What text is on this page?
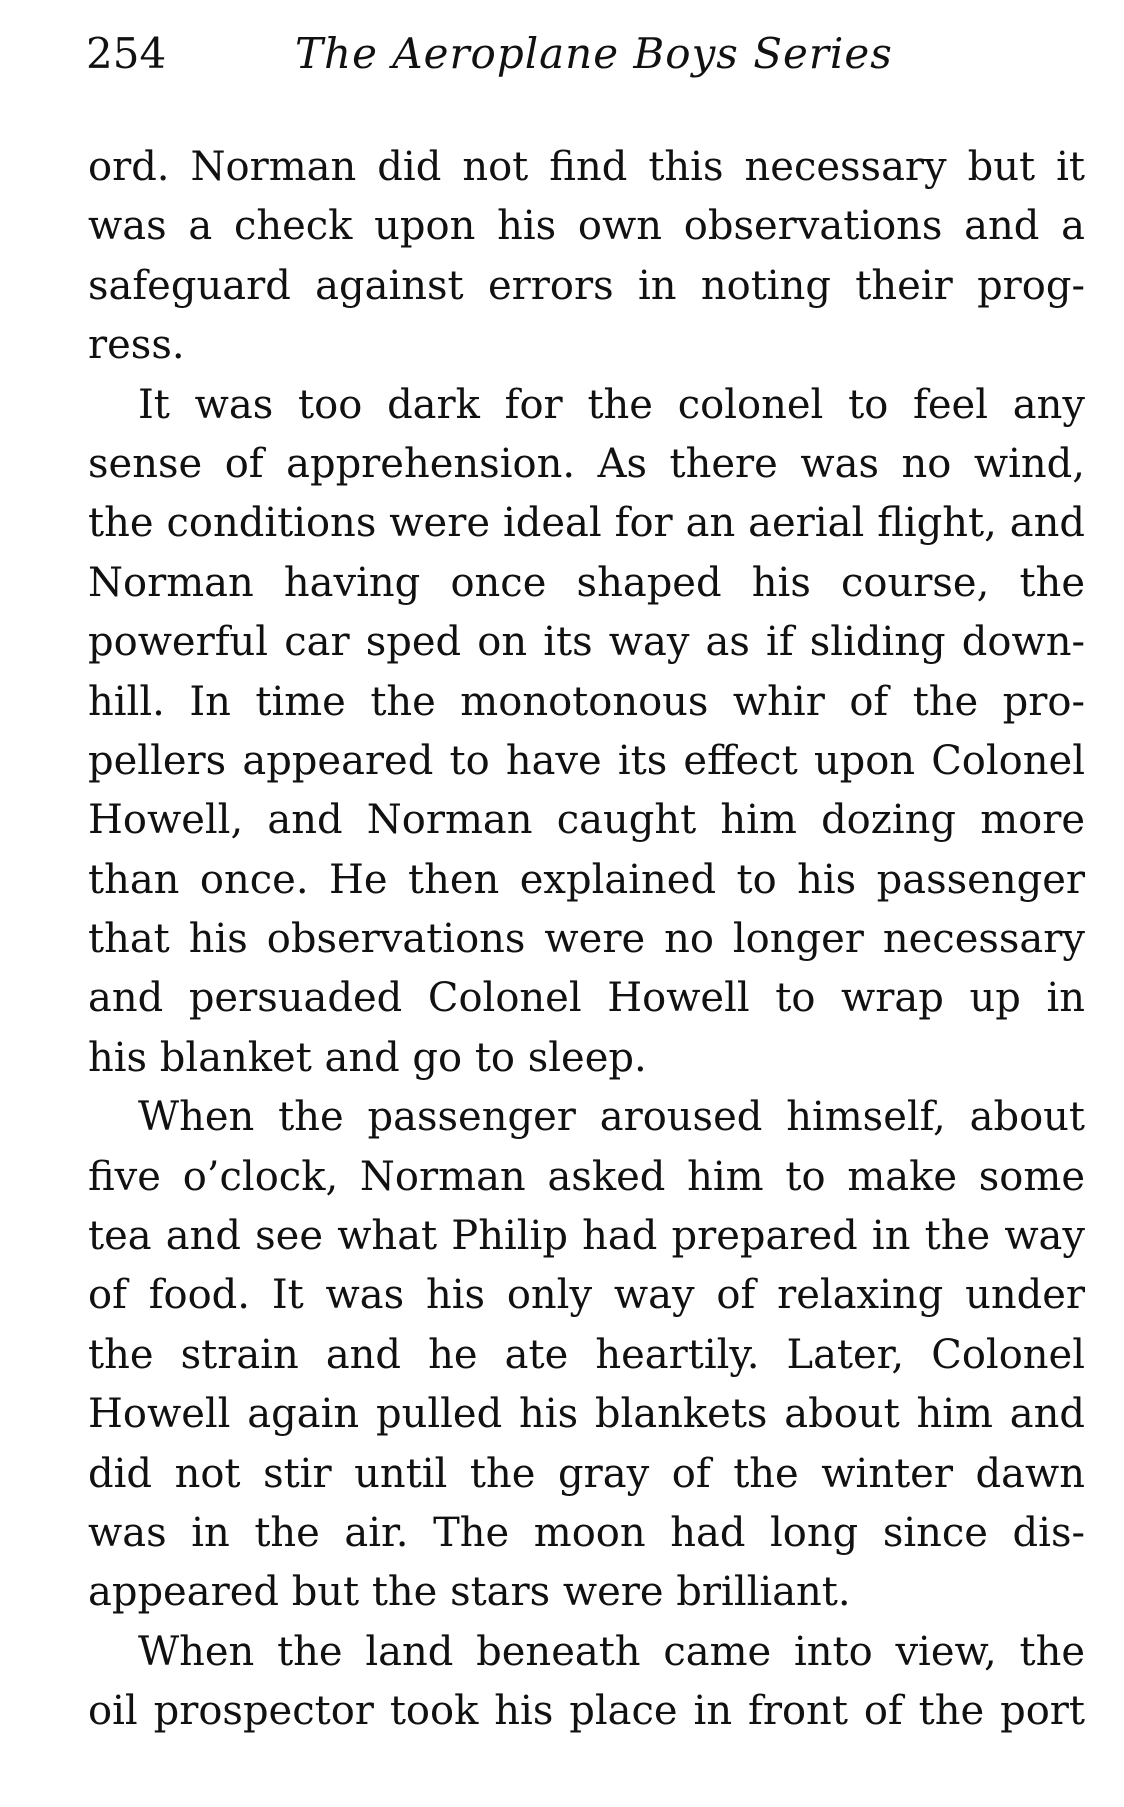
254	The Aeroplane Boys Series
ord. Norman did not find this necessary but it
was a check upon his own observations and a
safeguard against errors in noting their prog-
ress.
It was too dark for the colonel to feel any
sense of apprehension. As there was no wind,
the conditions were ideal for an aerial flight, and
Norman having once shaped his course, the
powerful car sped on its way as if sliding down-
hill. In time the monotonous whir of the pro-
pellers appeared to have its effect upon Colonel
Howell, and Norman caught him dozing more
than once. He then explained to his passenger
that his observations were no longer necessary
and persuaded Colonel Howell to wrap up in
his blanket and go to sleep.
When the passenger aroused himself, about
five o’clock, Norman asked him to make some
tea and see what Philip had prepared in the way
of food. It was his only way of relaxing under
the strain and he ate heartily. Later, Colonel
Howell again pulled his blankets about him and
did not stir until the gray of the winter dawn
was in the air. The moon had long since dis-
appeared but the stars were brilliant.
When the land beneath came into view, the
oil prospector took his place in front of the port
